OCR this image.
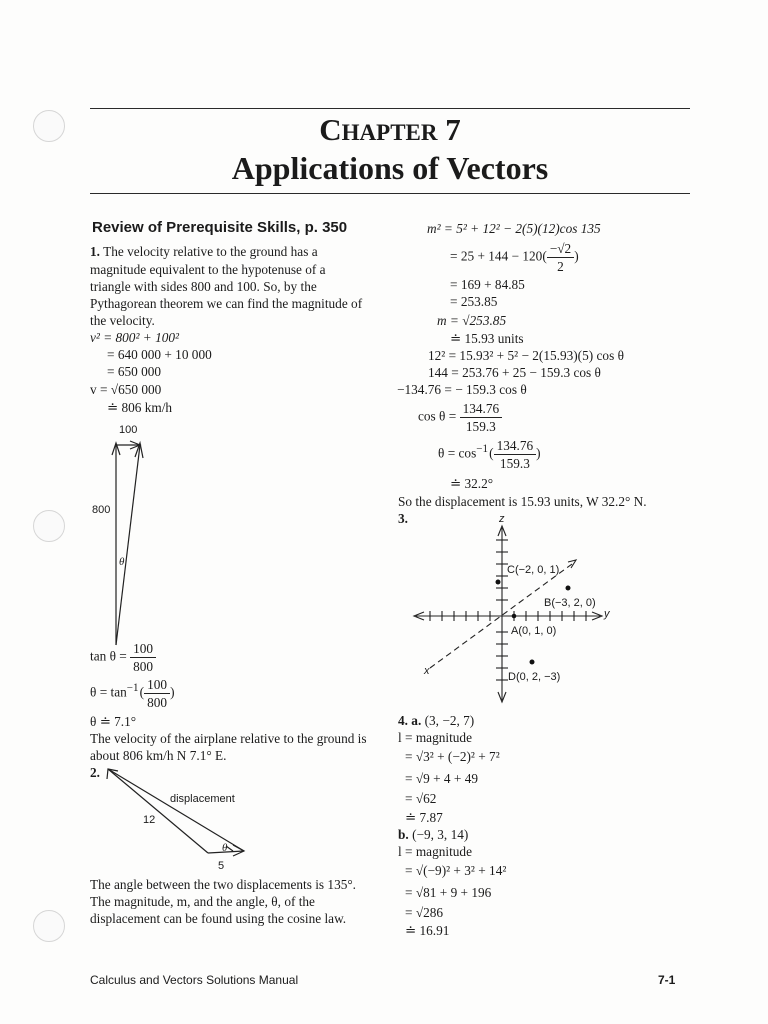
CHAPTER 7
Applications of Vectors
Review of Prerequisite Skills, p. 350
1. The velocity relative to the ground has a
magnitude equivalent to the hypotenuse of a
triangle with sides 800 and 100. So, by the
Pythagorean theorem we can find the magnitude of
the velocity.
v² = 800² + 100²
= 640 000 + 10 000
= 650 000
v = √650 000
≐ 806 km/h
100
800
θ
$\tan \theta = \frac{100}{800}$
$\theta = \tan^{-1}$ ( $\frac{100}{800}$ )
θ ≐ 7.1°
The velocity of the airplane relative to the ground is
about 806 km/h N 7.1° E.
2.
displacement
12
5
θ
The angle between the two displacements is 135°.
The magnitude, m, and the angle, θ, of the
displacement can be found using the cosine law.
m² = 5² + 12² − 2(5)(12)cos 135
= $25 + 144 - 120( \frac{-√2}{2}$ )
= 169 + 84.85
= 253.85
m = √253.85
≐ 15.93 units
12² = 15.93² + 5² − 2(15.93)(5) cos θ
144 = 253.76 + 25 − 159.3 cos θ
−134.76 = − 159.3 cos θ
$\cos \theta = \frac{134.76}{159.3}$
$\theta = \cos^{-1}$ ( $\frac{134.76}{159.3}$ )
≐ 32.2°
So the displacement is 15.93 units, W 32.2° N.
3.	z
y
x
C(−2, 0, 1)
B(−3, 2, 0)
A(0, 1, 0)
D(0, 2, −3)
4. a. (3, −2, 7)
l = magnitude
= √3² + (−2)² + 7²
= √9 + 4 + 49
= √62
≐ 7.87
b. (−9, 3, 14)
l = magnitude
= √(−9)² + 3² + 14²
= √81 + 9 + 196
= √286
≐ 16.91
Calculus and Vectors Solutions Manual	7-1
